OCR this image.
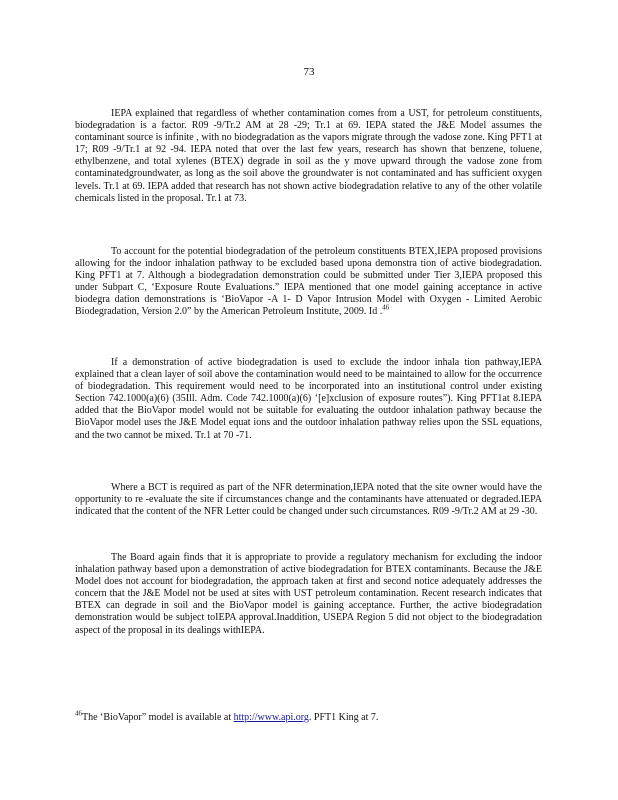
73

IEPA explained that regardless of whether contamination comes from a UST, for petroleum constituents, biodegradation is a factor. R09 -9/Tr.2 AM at 28 -29; Tr.1 at 69. IEPA stated the J&E Model assumes the contaminant source is infinite , with no biodegradation as the vapors migrate through the vadose zone. King PFT1 at 17; R09 -9/Tr.1 at 92 -94. IEPA noted that over the last few years, research has shown that benzene, toluene, ethylbenzene, and total xylenes (BTEX) degrade in soil as the y move upward through the vadose zone from contaminatedgroundwater, as long as the soil above the groundwater is not contaminated and has sufficient oxygen levels. Tr.1 at 69. IEPA added that research has not shown active biodegradation relative to any of the other volatile chemicals listed in the proposal. Tr.1 at 73.

To account for the potential biodegradation of the petroleum constituents BTEX,IEPA proposed provisions allowing for the indoor inhalation pathway to be excluded based upona demonstra tion of active biodegradation. King PFT1 at 7. Although a biodegradation demonstration could be submitted under Tier 3,IEPA proposed this under Subpart C, ‘Exposure Route Evaluations.” IEPA mentioned that one model gaining acceptance in active biodegra dation demonstrations is ‘BioVapor -A 1- D Vapor Intrusion Model with Oxygen - Limited Aerobic Biodegradation, Version 2.0” by the American Petroleum Institute, 2009. Id .$^{46}$

If a demonstration of active biodegradation is used to exclude the indoor inhala tion pathway,IEPA explained that a clean layer of soil above the contamination would need to be maintained to allow for the occurrence of biodegradation. This requirement would need to be incorporated into an institutional control under existing Section 742.1000(a)(6) (35Ill. Adm. Code 742.1000(a)(6) ‘[e]xclusion of exposure routes”). King PFT1at 8.IEPA added that the BioVapor model would not be suitable for evaluating the outdoor inhalation pathway because the BioVapor model uses the J&E Model equat ions and the outdoor inhalation pathway relies upon the SSL equations, and the two cannot be mixed. Tr.1 at 70 -71.

Where a BCT is required as part of the NFR determination,IEPA noted that the site owner would have the opportunity to re -evaluate the site if circumstances change and the contaminants have attenuated or degraded.IEPA indicated that the content of the NFR Letter could be changed under such circumstances. R09 -9/Tr.2 AM at 29 -30.

The Board again finds that it is appropriate to provide a regulatory mechanism for excluding the indoor inhalation pathway based upon a demonstration of active biodegradation for BTEX contaminants. Because the J&E Model does not account for biodegradation, the approach taken at first and second notice adequately addresses the concern that the J&E Model not be used at sites with UST petroleum contamination. Recent research indicates that BTEX can degrade in soil and the BioVapor model is gaining acceptance. Further, the active biodegradation demonstration would be subject toIEPA approval.Inaddition, USEPA Region 5 did not object to the biodegradation aspect of the proposal in its dealings withIEPA.

$^{46}$The ‘BioVapor” model is available at http://www.api.org. PFT1 King at 7.
